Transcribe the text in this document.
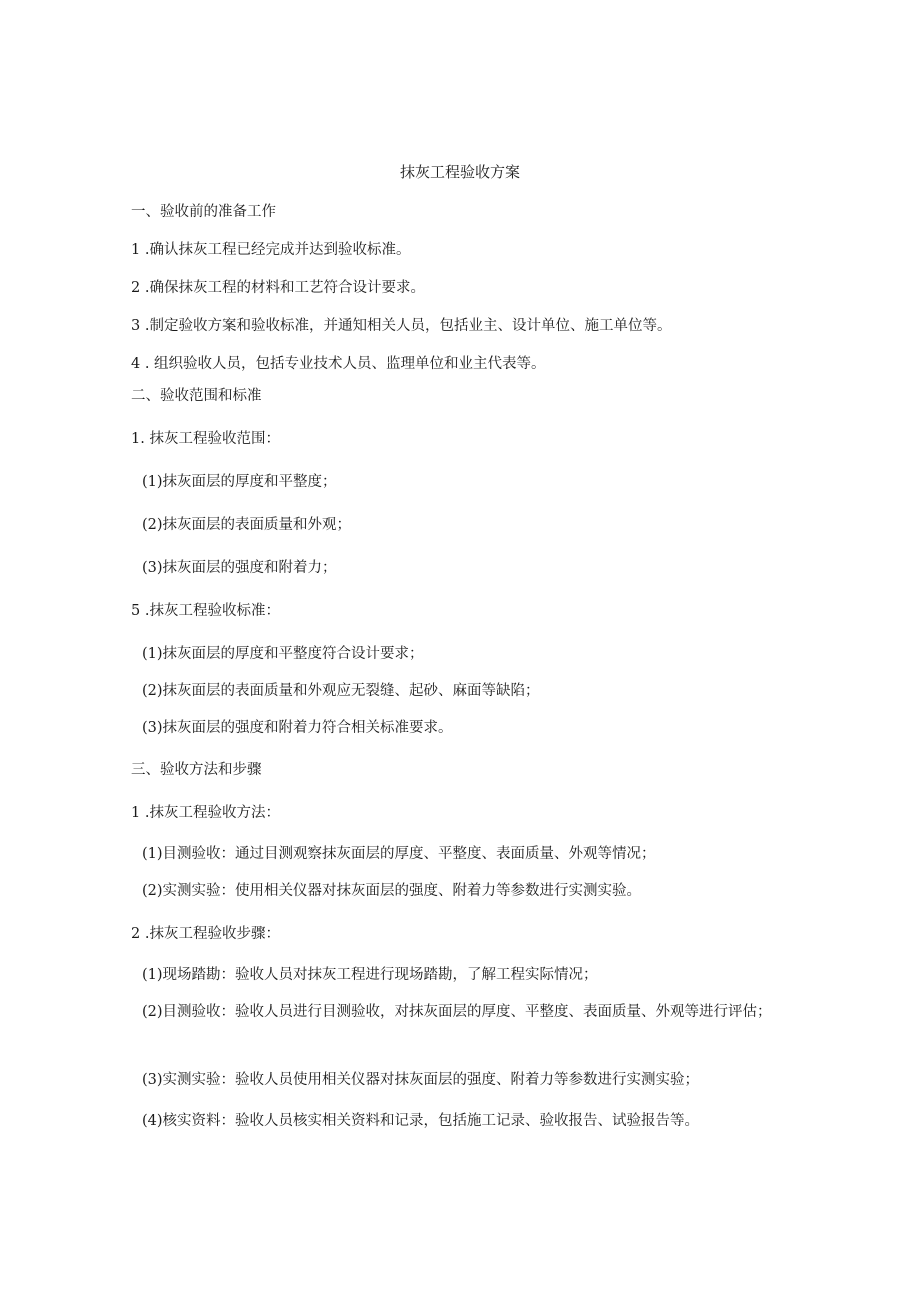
抹灰工程验收方案
一、验收前的准备工作
1 .确认抹灰工程已经完成并达到验收标准。
2 .确保抹灰工程的材料和工艺符合设计要求。
3 .制定验收方案和验收标准，并通知相关人员，包括业主、设计单位、施工单位等。
4 . 组织验收人员，包括专业技术人员、监理单位和业主代表等。
二、验收范围和标准
1. 抹灰工程验收范围：
(1)抹灰面层的厚度和平整度；
(2)抹灰面层的表面质量和外观；
(3)抹灰面层的强度和附着力；
5 .抹灰工程验收标准：
(1)抹灰面层的厚度和平整度符合设计要求；
(2)抹灰面层的表面质量和外观应无裂缝、起砂、麻面等缺陷；
(3)抹灰面层的强度和附着力符合相关标准要求。
三、验收方法和步骤
1 .抹灰工程验收方法：
(1)目测验收：通过目测观察抹灰面层的厚度、平整度、表面质量、外观等情况；
(2)实测实验：使用相关仪器对抹灰面层的强度、附着力等参数进行实测实验。
2 .抹灰工程验收步骤：
(1)现场踏勘：验收人员对抹灰工程进行现场踏勘，了解工程实际情况；
(2)目测验收：验收人员进行目测验收，对抹灰面层的厚度、平整度、表面质量、外观等进行评估；
(3)实测实验：验收人员使用相关仪器对抹灰面层的强度、附着力等参数进行实测实验；
(4)核实资料：验收人员核实相关资料和记录，包括施工记录、验收报告、试验报告等。
